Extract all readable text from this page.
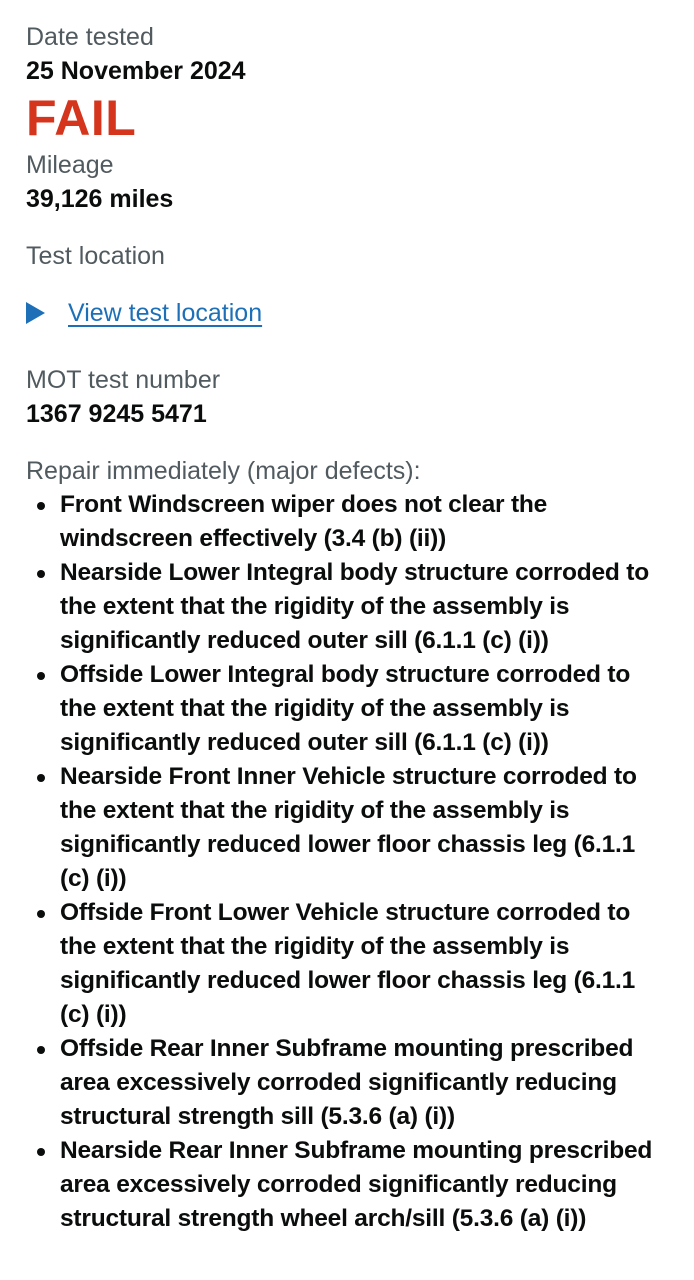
Date tested

25 November 2024

FAIL

Mileage

39,126 miles

Test location

View test location

MOT test number

1367 9245 5471

Repair immediately (major defects):

Front Windscreen wiper does not clear the windscreen effectively (3.4 (b) (ii))
Nearside Lower Integral body structure corroded to the extent that the rigidity of the assembly is significantly reduced outer sill (6.1.1 (c) (i))
Offside Lower Integral body structure corroded to the extent that the rigidity of the assembly is significantly reduced outer sill (6.1.1 (c) (i))
Nearside Front Inner Vehicle structure corroded to the extent that the rigidity of the assembly is significantly reduced lower floor chassis leg (6.1.1 (c) (i))
Offside Front Lower Vehicle structure corroded to the extent that the rigidity of the assembly is significantly reduced lower floor chassis leg (6.1.1 (c) (i))
Offside Rear Inner Subframe mounting prescribed area excessively corroded significantly reducing structural strength sill (5.3.6 (a) (i))
Nearside Rear Inner Subframe mounting prescribed area excessively corroded significantly reducing structural strength wheel arch/sill (5.3.6 (a) (i))
